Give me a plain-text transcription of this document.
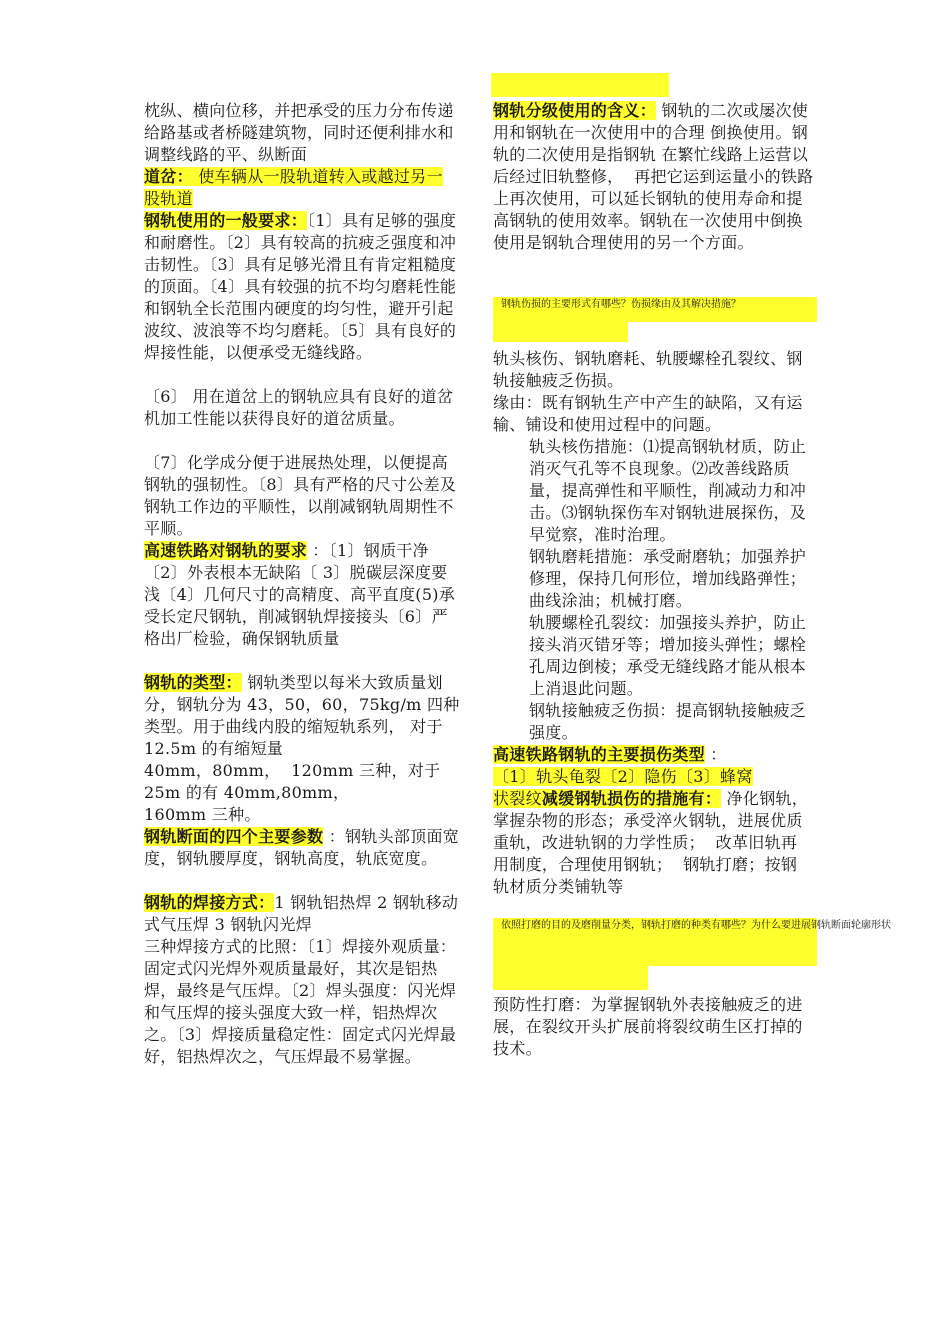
枕纵、横向位移，并把承受的压力分布传递给路基或者桥隧建筑物，同时还便利排水和调整线路的平、纵断面

道岔： 使车辆从一股轨道转入或越过另一股轨道

钢轨使用的一般要求：〔1〕具有足够的强度和耐磨性。〔2〕具有较高的抗疲乏强度和冲击韧性。〔3〕具有足够光滑且有肯定粗糙度的顶面。〔4〕具有较强的抗不均匀磨耗性能和钢轨全长范围内硬度的均匀性，避开引起波纹、波浪等不均匀磨耗。〔5〕具有良好的焊接性能，以便承受无缝线路。

〔6〕 用在道岔上的钢轨应具有良好的道岔 机加工性能以获得良好的道岔质量。

〔7〕化学成分便于进展热处理，以便提高钢轨的强韧性。〔8〕具有严格的尺寸公差及钢轨工作边的平顺性，以削减钢轨周期性不平顺。

高速铁路对钢轨的要求 ：〔1〕钢质干净〔2〕外表根本无缺陷〔 3〕脱碳层深度要浅〔4〕几何尺寸的高精度、高平直度(5)承受长定尺钢轨，削减钢轨焊接接头〔6〕严格出厂检验，确保钢轨质量

钢轨的类型： 钢轨类型以每米大致质量划分，钢轨分为 43，50，60，75kg/m 四种类型。用于曲线内股的缩短轨系列， 对于 12.5m 的有缩短量

40mm，80mm，  120mm 三种，对于 25m 的有 40mm,80mm，

160mm 三种。

钢轨断面的四个主要参数 ：钢轨头部顶面宽度，钢轨腰厚度，钢轨高度，轨底宽度。

钢轨的焊接方式：1 钢轨铝热焊 2 钢轨移动式气压焊 3 钢轨闪光焊

三种焊接方式的比照：〔1〕焊接外观质量：固定式闪光焊外观质量最好，其次是铝热焊，最终是气压焊。〔2〕焊头强度：闪光焊和气压焊的接头强度大致一样，铝热焊次之。〔3〕焊接质量稳定性：固定式闪光焊最好，铝热焊次之，气压焊最不易掌握。

钢轨分级使用的含义： 钢轨的二次或屡次使用和钢轨在一次使用中的合理 倒换使用。钢轨的二次使用是指钢轨 在繁忙线路上运营以后经过旧轨整修，  再把它运到运量小的铁路上再次使用，可以延长钢轨的使用寿命和提高钢轨的使用效率。钢轨在一次使用中倒换使用是钢轨合理使用的另一个方面。

钢轨伤损的主要形式有哪些？伤损缘由及其解决措施？

轨头核伤、钢轨磨耗、轨腰螺栓孔裂纹、钢轨接触疲乏伤损。

缘由：既有钢轨生产中产生的缺陷，又有运输、铺设和使用过程中的问题。

轨头核伤措施：⑴提高钢轨材质，防止消灭气孔等不良现象。⑵改善线路质量，提高弹性和平顺性，削减动力和冲击。⑶钢轨探伤车对钢轨进展探伤，及早觉察，准时治理。

钢轨磨耗措施：承受耐磨轨；加强养护修理，保持几何形位，增加线路弹性；曲线涂油；机械打磨。

轨腰螺栓孔裂纹：加强接头养护，防止接头消灭错牙等；增加接头弹性；螺栓孔周边倒棱；承受无缝线路才能从根本上消退此问题。

钢轨接触疲乏伤损：提高钢轨接触疲乏强度。

高速铁路钢轨的主要损伤类型 ：

〔1〕轨头龟裂〔2〕隐伤〔3〕蜂窝

状裂纹减缓钢轨损伤的措施有： 净化钢轨，  掌握杂物的形态；承受淬火钢轨，进展优质重轨，改进轨钢的力学性质；  改革旧轨再用制度，合理使用钢轨；  钢轨打磨；按钢轨材质分类铺轨等

依照打磨的目的及磨削量分类，钢轨打磨的种类有哪些？为什么要进展钢轨断面轮廓形状

预防性打磨：为掌握钢轨外表接触疲乏的进展，在裂纹开头扩展前将裂纹萌生区打掉的技术。
